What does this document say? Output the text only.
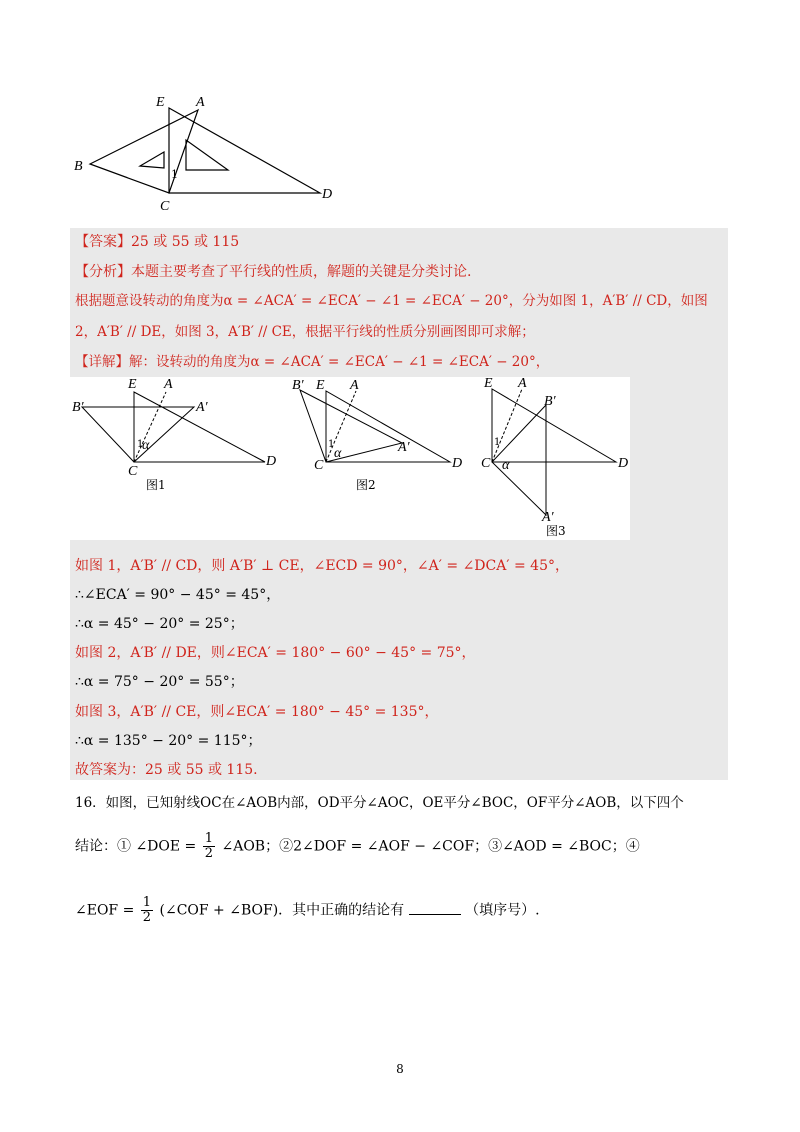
E A
B
C
D
1
【答案】25 或 55 或 115
【分析】本题主要考查了平行线的性质，解题的关键是分类讨论.
根据题意设转动的角度为α = ∠ACA′ = ∠ECA′ − ∠1 = ∠ECA′ − 20°，分为如图 1，A′B′ // CD，如图
2，A′B′ // DE，如图 3，A′B′ // CE，根据平行线的性质分别画图即可求解；
【详解】解：设转动的角度为α = ∠ACA′ = ∠ECA′ − ∠1 = ∠ECA′ − 20°，
E A
B′	A′
C
D
1
α
图1
B′ E A
A′
C	D
1
α
图2
E A
B′
C	D
A′
1
α
图3
如图 1，A′B′ // CD，则 A′B′ ⊥ CE，∠ECD = 90°，∠A′ = ∠DCA′ = 45°，
∴∠ECA′ = 90° − 45° = 45°，
∴α = 45° − 20° = 25°；
如图 2，A′B′ // DE，则∠ECA′ = 180° − 60° − 45° = 75°，
∴α = 75° − 20° = 55°；
如图 3，A′B′ // CE，则∠ECA′ = 180° − 45° = 135°，
∴α = 135° − 20° = 115°；
故答案为：25 或 55 或 115.
16．如图，已知射线OC在∠AOB内部，OD平分∠AOC，OE平分∠BOC，OF平分∠AOB，以下四个
结论：① ∠DOE = $\frac{1}{2}$ ∠AOB；②2∠DOF = ∠AOF − ∠COF；③∠AOD = ∠BOC；④
∠EOF = $\frac{1}{2}$ (∠COF + ∠BOF)．其中正确的结论有	（填序号）.
8
